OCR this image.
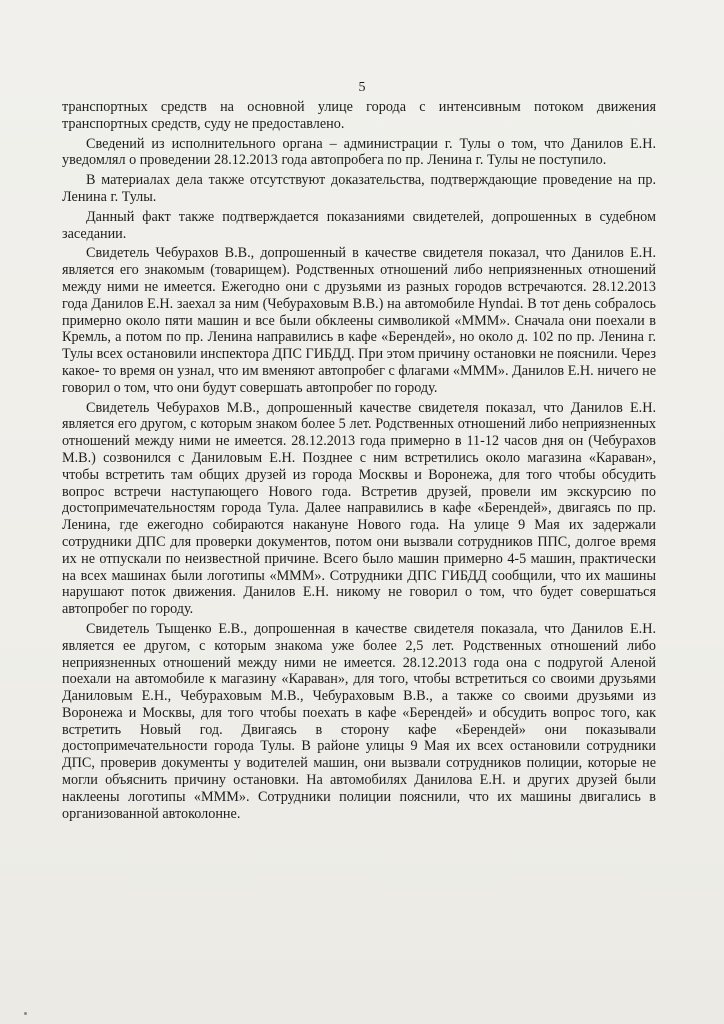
5

транспортных средств на основной улице города с интенсивным потоком движения транспортных средств, суду не предоставлено.

Сведений из исполнительного органа – администрации г. Тулы о том, что Данилов Е.Н. уведомлял о проведении 28.12.2013 года автопробега по пр. Ленина г. Тулы не поступило.

В материалах дела также отсутствуют доказательства, подтверждающие проведение на пр. Ленина г. Тулы.

Данный факт также подтверждается показаниями свидетелей, допрошенных в судебном заседании.

Свидетель Чебурахов В.В., допрошенный в качестве свидетеля показал, что Данилов Е.Н. является его знакомым (товарищем). Родственных отношений либо неприязненных отношений между ними не имеется. Ежегодно они с друзьями из разных городов встречаются. 28.12.2013 года Данилов Е.Н. заехал за ним (Чебураховым В.В.) на автомобиле Hyndai. В тот день собралось примерно около пяти машин и все были обклеены символикой «МММ». Сначала они поехали в Кремль, а потом по пр. Ленина направились в кафе «Берендей», но около д. 102 по пр. Ленина г. Тулы всех остановили инспектора ДПС ГИБДД. При этом причину остановки не пояснили. Через какое- то время он узнал, что им вменяют автопробег с флагами «МММ». Данилов Е.Н. ничего не говорил о том, что они будут совершать автопробег по городу.

Свидетель Чебурахов М.В., допрошенный качестве свидетеля показал, что Данилов Е.Н. является его другом, с которым знаком более 5 лет. Родственных отношений либо неприязненных отношений между ними не имеется. 28.12.2013 года примерно в 11-12 часов дня он (Чебурахов М.В.) созвонился с Даниловым Е.Н. Позднее с ним встретились около магазина «Караван», чтобы встретить там общих друзей из города Москвы и Воронежа, для того чтобы обсудить вопрос встречи наступающего Нового года. Встретив друзей, провели им экскурсию по достопримечательностям города Тула. Далее направились в кафе «Берендей», двигаясь по пр. Ленина, где ежегодно собираются накануне Нового года. На улице 9 Мая их задержали сотрудники ДПС для проверки документов, потом они вызвали сотрудников ППС, долгое время их не отпускали по неизвестной причине. Всего было машин примерно 4-5 машин, практически на всех машинах были логотипы «МММ». Сотрудники ДПС ГИБДД сообщили, что их машины нарушают поток движения. Данилов Е.Н. никому не говорил о том, что будет совершаться автопробег по городу.

Свидетель Тыщенко Е.В., допрошенная в качестве свидетеля показала, что Данилов Е.Н. является ее другом, с которым знакома уже более 2,5 лет. Родственных отношений либо неприязненных отношений между ними не имеется. 28.12.2013 года она с подругой Аленой поехали на автомобиле к магазину «Караван», для того, чтобы встретиться со своими друзьями Даниловым Е.Н., Чебураховым М.В., Чебураховым В.В., а также со своими друзьями из Воронежа и Москвы, для того чтобы поехать в кафе «Берендей» и обсудить вопрос того, как встретить Новый год. Двигаясь в сторону кафе «Берендей» они показывали достопримечательности города Тулы. В районе улицы 9 Мая их всех остановили сотрудники ДПС, проверив документы у водителей машин, они вызвали сотрудников полиции, которые не могли объяснить причину остановки. На автомобилях Данилова Е.Н. и других друзей были наклеены логотипы «МММ». Сотрудники полиции пояснили, что их машины двигались в организованной автоколонне.
